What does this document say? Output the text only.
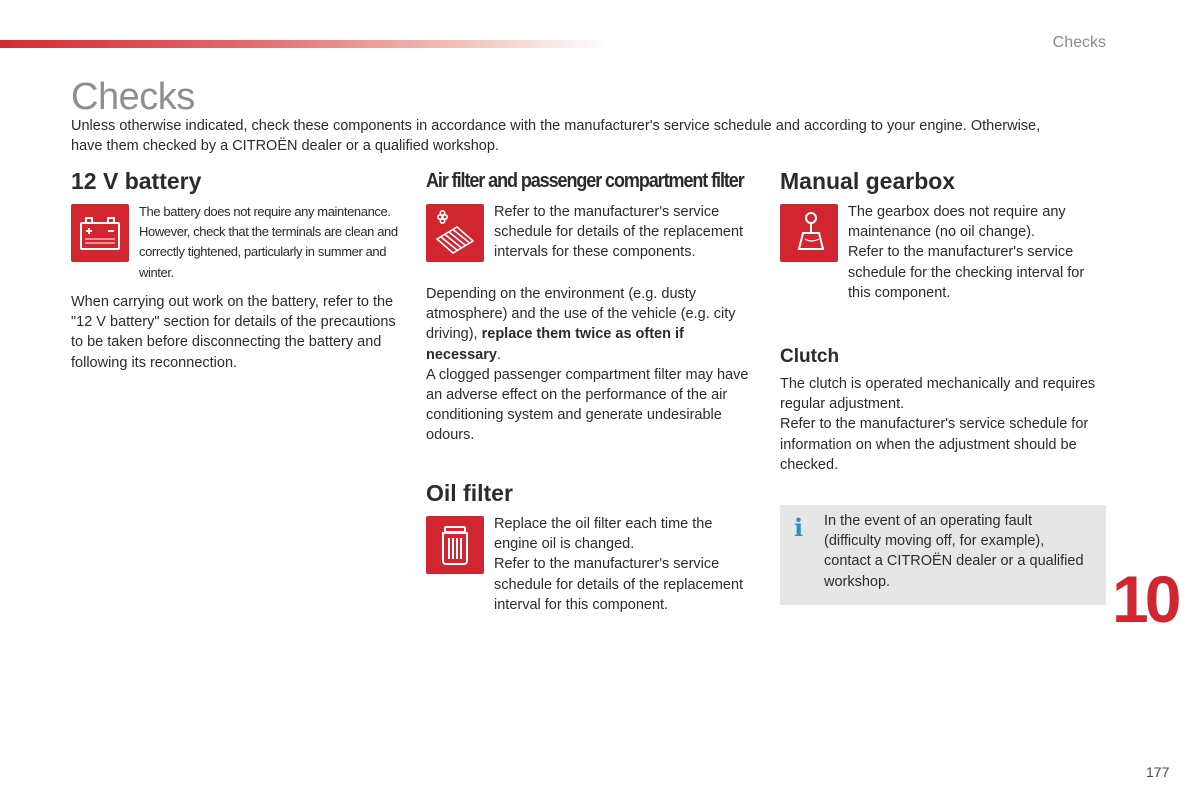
Checks
Checks

Unless otherwise indicated, check these components in accordance with the manufacturer's service schedule and according to your engine. Otherwise, have them checked by a CITROËN dealer or a qualified workshop.

12 V battery
The battery does not require any maintenance. However, check that the terminals are clean and correctly tightened, particularly in summer and winter.

When carrying out work on the battery, refer to the "12 V battery" section for details of the precautions to be taken before disconnecting the battery and following its reconnection.

Air filter and passenger compartment filter
Refer to the manufacturer's service schedule for details of the replacement intervals for these components.

Depending on the environment (e.g. dusty atmosphere) and the use of the vehicle (e.g. city driving), replace them twice as often if necessary.

A clogged passenger compartment filter may have an adverse effect on the performance of the air conditioning system and generate undesirable odours.

Oil filter
Replace the oil filter each time the engine oil is changed.
Refer to the manufacturer's service schedule for details of the replacement interval for this component.
Manual gearbox
The gearbox does not require any maintenance (no oil change).
Refer to the manufacturer's service schedule for the checking interval for this component.
Clutch

The clutch is operated mechanically and requires regular adjustment.

Refer to the manufacturer's service schedule for information on when the adjustment should be checked.

i In the event of an operating fault (difficulty moving off, for example), contact a CITROËN dealer or a qualified workshop.	10
177
